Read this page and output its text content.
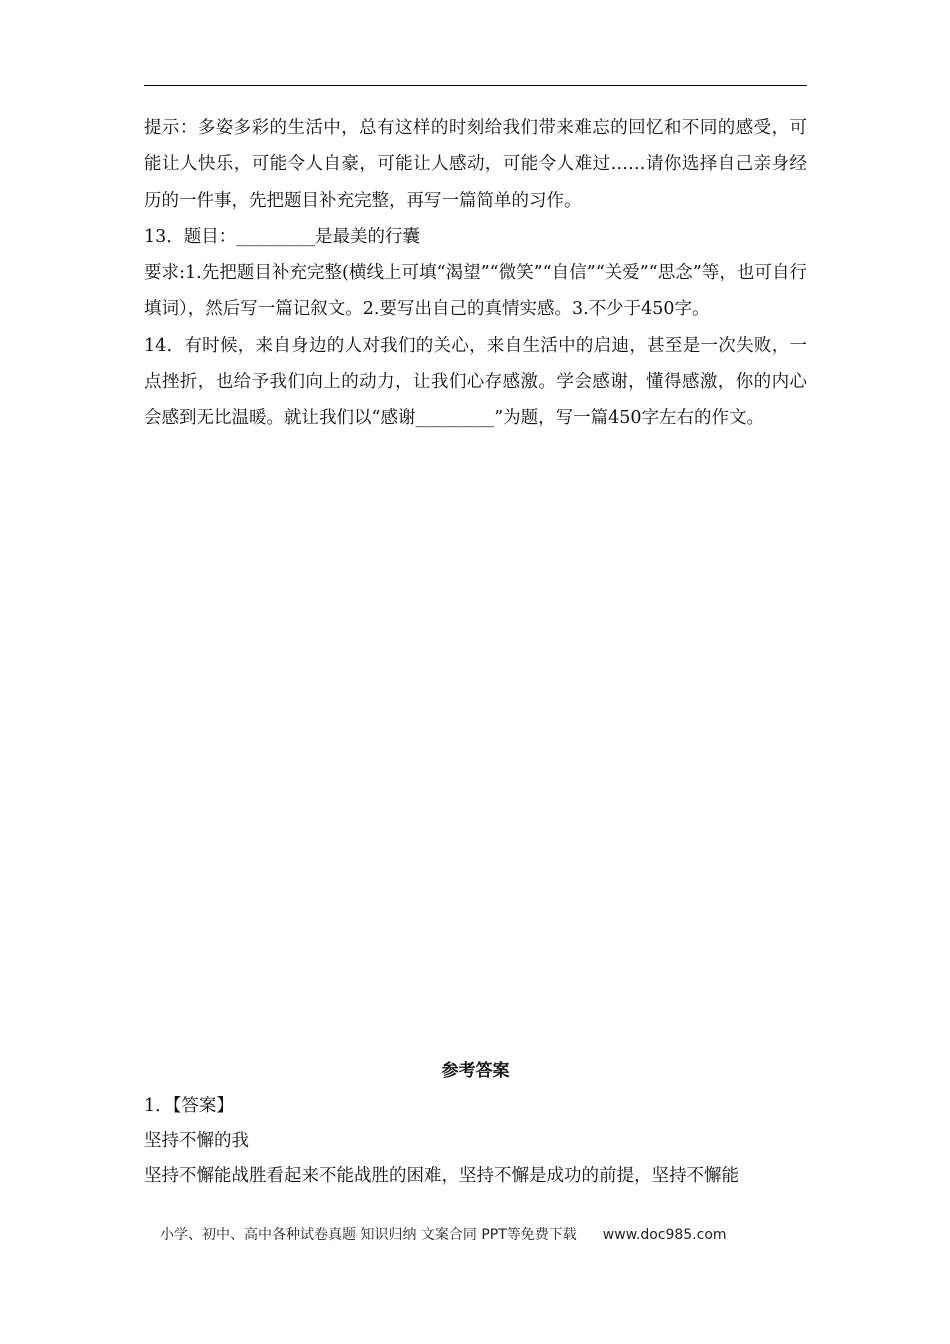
提示：多姿多彩的生活中，总有这样的时刻给我们带来难忘的回忆和不同的感受，可能让人快乐，可能令人自豪，可能让人感动，可能令人难过……请你选择自己亲身经历的一件事，先把题目补充完整，再写一篇简单的习作。

13．题目：_________是最美的行囊

要求:1.先把题目补充完整(横线上可填“渴望”“微笑”“自信”“关爱”“思念”等，也可自行填词），然后写一篇记叙文。2.要写出自己的真情实感。3.不少于450字。

14．有时候，来自身边的人对我们的关心，来自生活中的启迪，甚至是一次失败，一点挫折，也给予我们向上的动力，让我们心存感激。学会感谢，懂得感激，你的内心会感到无比温暖。就让我们以“感谢_________”为题，写一篇450字左右的作文。

参考答案

1．【答案】

坚持不懈的我

坚持不懈能战胜看起来不能战胜的困难，坚持不懈是成功的前提，坚持不懈能

小学、初中、高中各种试卷真题 知识归纳 文案合同 PPT等免费下载 www.doc985.com
